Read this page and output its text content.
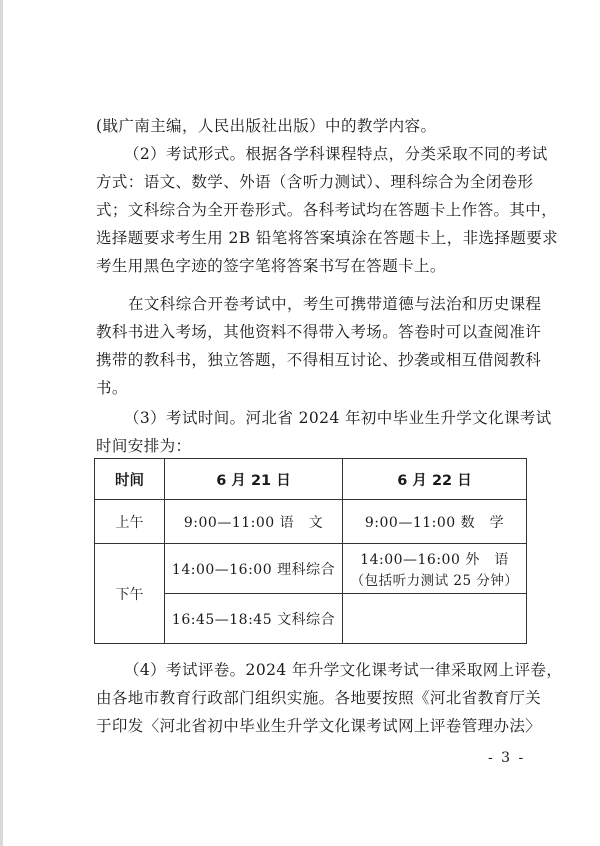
(戢广南主编，人民出版社出版）中的教学内容。

（2）考试形式。根据各学科课程特点，分类采取不同的考试

方式：语文、数学、外语（含听力测试）、理科综合为全闭卷形

式；文科综合为全开卷形式。各科考试均在答题卡上作答。其中，

选择题要求考生用 2B 铅笔将答案填涂在答题卡上，非选择题要求

考生用黑色字迹的签字笔将答案书写在答题卡上。

在文科综合开卷考试中，考生可携带道德与法治和历史课程

教科书进入考场，其他资料不得带入考场。答卷时可以查阅准许

携带的教科书，独立答题，不得相互讨论、抄袭或相互借阅教科

书。

（3）考试时间。河北省 2024 年初中毕业生升学文化课考试

时间安排为：

时间	6 月 21 日	6 月 22 日
上午	9:00—11:00 语　文	9:00—11:00 数　学
下午	14:00—16:00 理科综合	14:00—16:00 外　语
（包括听力测试 25 分钟）

	16:45—18:45 文科综合	

（4）考试评卷。2024 年升学文化课考试一律采取网上评卷，

由各地市教育行政部门组织实施。各地要按照《河北省教育厅关

于印发〈河北省初中毕业生升学文化课考试网上评卷管理办法〉

- 3 -
